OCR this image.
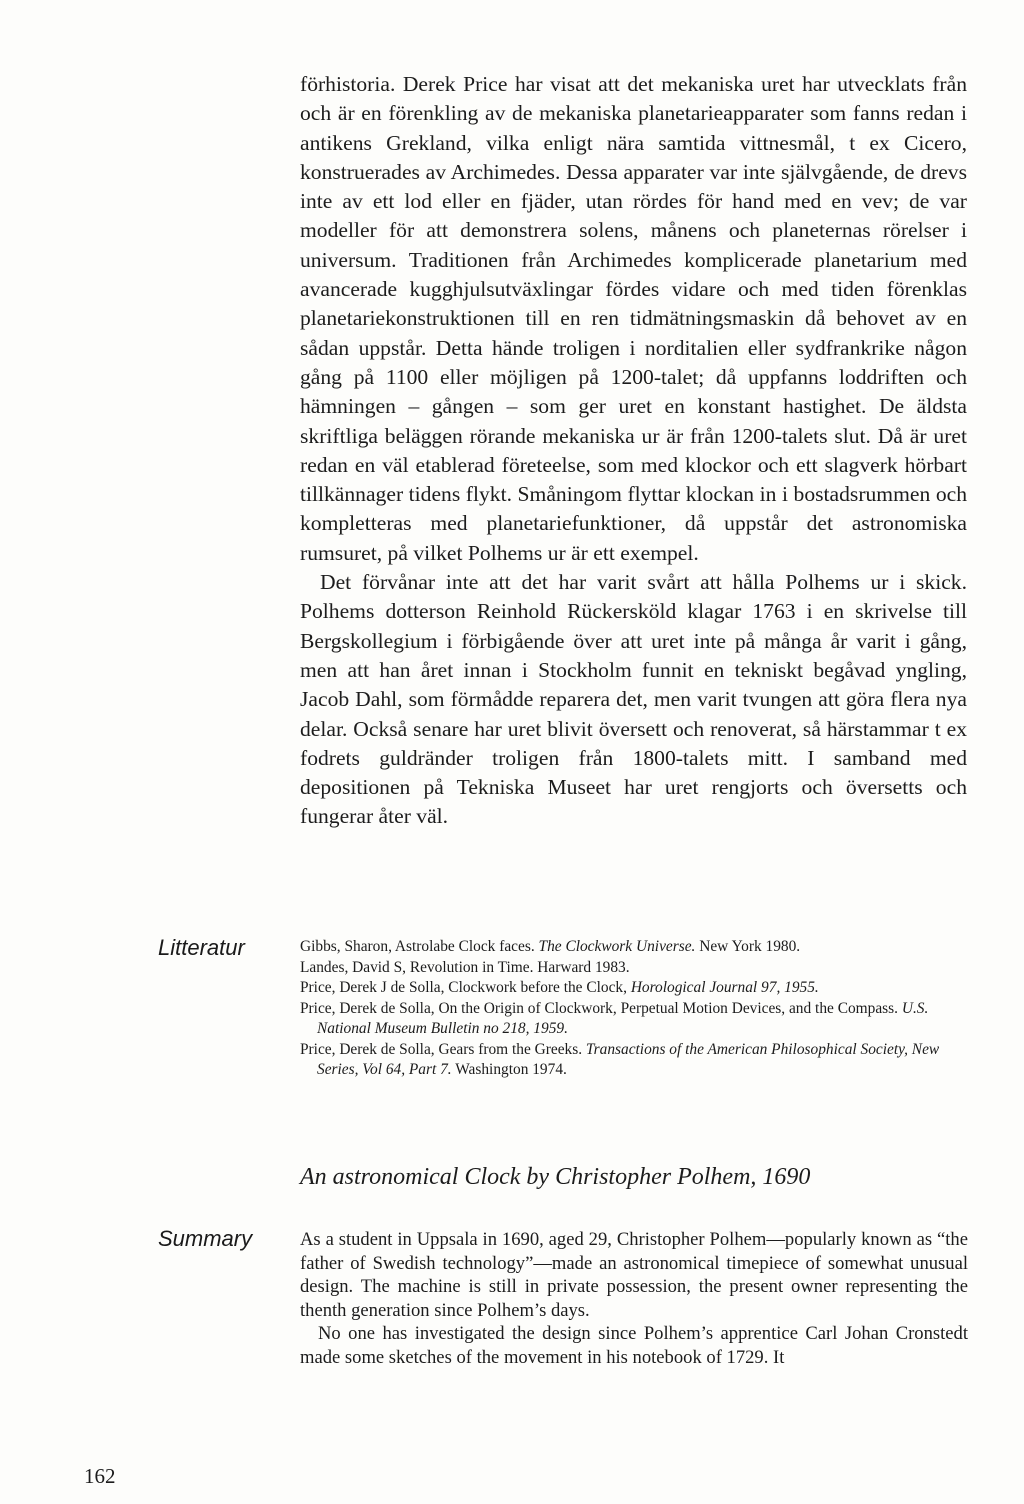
förhistoria. Derek Price har visat att det mekaniska uret har utvecklats från och är en förenkling av de mekaniska planetarieapparater som fanns redan i antikens Grekland, vilka enligt nära samtida vittnesmål, t ex Cicero, konstruerades av Archimedes. Dessa apparater var inte självgående, de drevs inte av ett lod eller en fjäder, utan rördes för hand med en vev; de var modeller för att demonstrera solens, månens och planeternas rörelser i universum. Traditionen från Archimedes komplicerade planetarium med avancerade kugghjulsutväxlingar fördes vidare och med tiden förenklas planetariekonstruktionen till en ren tidmätningsmaskin då behovet av en sådan uppstår. Detta hände troligen i norditalien eller sydfrankrike någon gång på 1100 eller möjligen på 1200-talet; då uppfanns loddriften och hämningen – gången – som ger uret en konstant hastighet. De äldsta skriftliga beläggen rörande mekaniska ur är från 1200-talets slut. Då är uret redan en väl etablerad företeelse, som med klockor och ett slagverk hörbart tillkännager tidens flykt. Småningom flyttar klockan in i bostadsrummen och kompletteras med planetariefunktioner, då uppstår det astronomiska rumsuret, på vilket Polhems ur är ett exempel.

Det förvånar inte att det har varit svårt att hålla Polhems ur i skick. Polhems dotterson Reinhold Rückersköld klagar 1763 i en skrivelse till Bergskollegium i förbigående över att uret inte på många år varit i gång, men att han året innan i Stockholm funnit en tekniskt begåvad yngling, Jacob Dahl, som förmådde reparera det, men varit tvungen att göra flera nya delar. Också senare har uret blivit översett och renoverat, så härstammar t ex fodrets guldränder troligen från 1800-talets mitt. I samband med depositionen på Tekniska Museet har uret rengjorts och översetts och fungerar åter väl.

Litteratur	Gibbs, Sharon, Astrolabe Clock faces. The Clockwork Universe. New York 1980.
Landes, David S, Revolution in Time. Harward 1983.
Price, Derek J de Solla, Clockwork before the Clock, Horological Journal 97, 1955.
Price, Derek de Solla, On the Origin of Clockwork, Perpetual Motion Devices, and the Compass. U.S. National Museum Bulletin no 218, 1959.
Price, Derek de Solla, Gears from the Greeks. Transactions of the American Philosophical Society, New Series, Vol 64, Part 7. Washington 1974.
An astronomical Clock by Christopher Polhem, 1690

Summary	As a student in Uppsala in 1690, aged 29, Christopher Polhem—popularly known as “the father of Swedish technology”—made an astronomical timepiece of somewhat unusual design. The machine is still in private possession, the present owner representing the thenth generation since Polhem’s days.

No one has investigated the design since Polhem’s apprentice Carl Johan Cronstedt made some sketches of the movement in his notebook of 1729. It

162
